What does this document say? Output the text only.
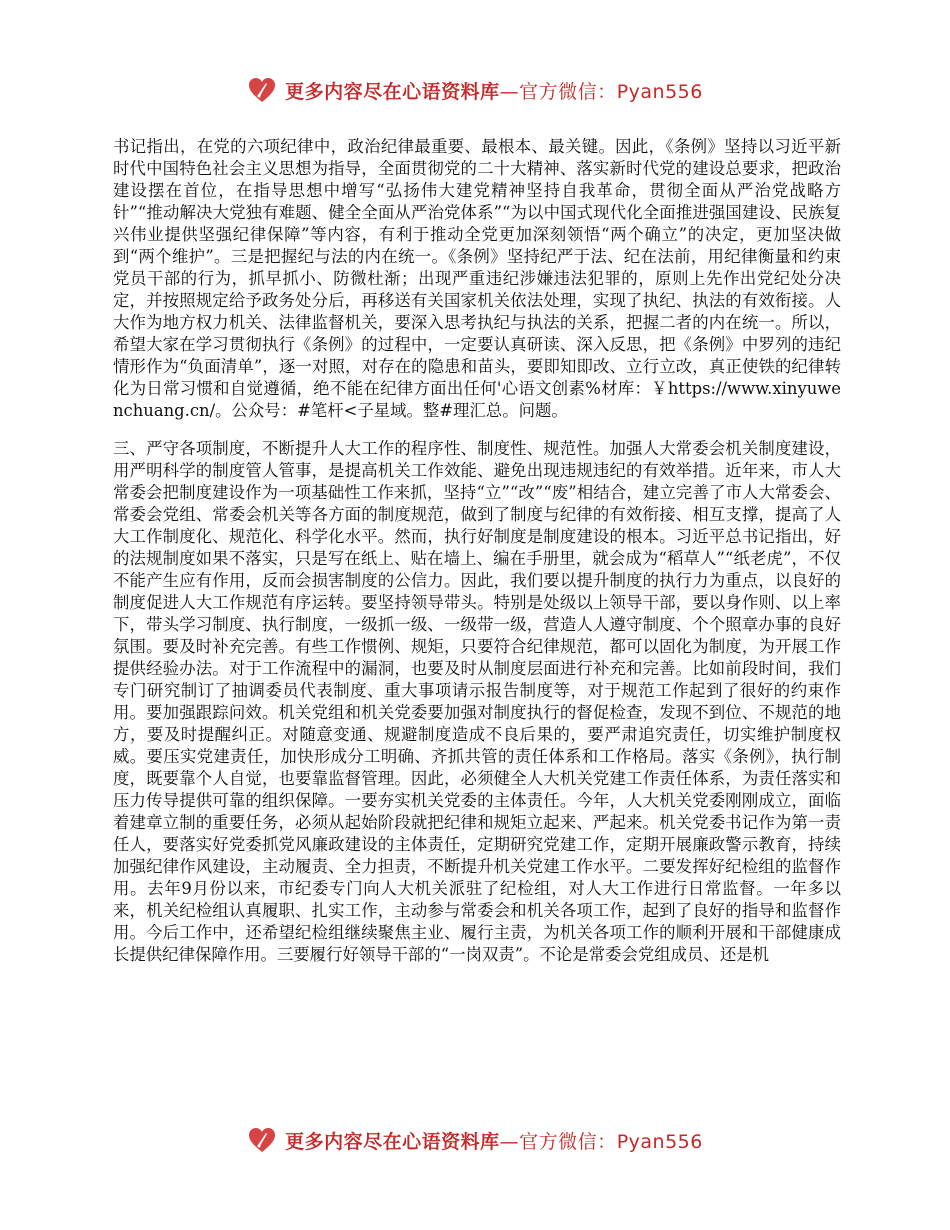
更多内容尽在心语资料库—官方微信：Pyan556

书记指出，在党的六项纪律中，政治纪律最重要、最根本、最关键。因此，《条例》坚持以习近平新时代中国特色社会主义思想为指导，全面贯彻党的二十大精神、落实新时代党的建设总要求，把政治建设摆在首位，在指导思想中增写“弘扬伟大建党精神坚持自我革命，贯彻全面从严治党战略方针”“推动解决大党独有难题、健全全面从严治党体系”“为以中国式现代化全面推进强国建设、民族复兴伟业提供坚强纪律保障”等内容，有利于推动全党更加深刻领悟“两个确立”的决定，更加坚决做到“两个维护”。三是把握纪与法的内在统一。《条例》坚持纪严于法、纪在法前，用纪律衡量和约束党员干部的行为，抓早抓小、防微杜渐；出现严重违纪涉嫌违法犯罪的，原则上先作出党纪处分决定，并按照规定给予政务处分后，再移送有关国家机关依法处理，实现了执纪、执法的有效衔接。人大作为地方权力机关、法律监督机关，要深入思考执纪与执法的关系，把握二者的内在统一。所以，希望大家在学习贯彻执行《条例》的过程中，一定要认真研读、深入反思，把《条例》中罗列的违纪情形作为“负面清单”，逐一对照，对存在的隐患和苗头，要即知即改、立行立改，真正使铁的纪律转化为日常习惯和自觉遵循，绝不能在纪律方面出任何'心语文创素%材库：￥https://www.xinyuwenchuang.cn/。公众号：#笔杆<子星域。整#理汇总。问题。

三、严守各项制度，不断提升人大工作的程序性、制度性、规范性。加强人大常委会机关制度建设，用严明科学的制度管人管事，是提高机关工作效能、避免出现违规违纪的有效举措。近年来，市人大常委会把制度建设作为一项基础性工作来抓，坚持“立”“改”“废”相结合，建立完善了市人大常委会、常委会党组、常委会机关等各方面的制度规范，做到了制度与纪律的有效衔接、相互支撑，提高了人大工作制度化、规范化、科学化水平。然而，执行好制度是制度建设的根本。习近平总书记指出，好的法规制度如果不落实，只是写在纸上、贴在墙上、编在手册里，就会成为“稻草人”“纸老虎”，不仅不能产生应有作用，反而会损害制度的公信力。因此，我们要以提升制度的执行力为重点，以良好的制度促进人大工作规范有序运转。要坚持领导带头。特别是处级以上领导干部，要以身作则、以上率下，带头学习制度、执行制度，一级抓一级、一级带一级，营造人人遵守制度、个个照章办事的良好氛围。要及时补充完善。有些工作惯例、规矩，只要符合纪律规范，都可以固化为制度，为开展工作提供经验办法。对于工作流程中的漏洞，也要及时从制度层面进行补充和完善。比如前段时间，我们专门研究制订了抽调委员代表制度、重大事项请示报告制度等，对于规范工作起到了很好的约束作用。要加强跟踪问效。机关党组和机关党委要加强对制度执行的督促检查，发现不到位、不规范的地方，要及时提醒纠正。对随意变通、规避制度造成不良后果的，要严肃追究责任，切实维护制度权威。要压实党建责任，加快形成分工明确、齐抓共管的责任体系和工作格局。落实《条例》，执行制度，既要靠个人自觉，也要靠监督管理。因此，必须健全人大机关党建工作责任体系，为责任落实和压力传导提供可靠的组织保障。一要夯实机关党委的主体责任。今年，人大机关党委刚刚成立，面临着建章立制的重要任务，必须从起始阶段就把纪律和规矩立起来、严起来。机关党委书记作为第一责任人，要落实好党委抓党风廉政建设的主体责任，定期研究党建工作，定期开展廉政警示教育，持续加强纪律作风建设，主动履责、全力担责，不断提升机关党建工作水平。二要发挥好纪检组的监督作用。去年9月份以来，市纪委专门向人大机关派驻了纪检组，对人大工作进行日常监督。一年多以来，机关纪检组认真履职、扎实工作，主动参与常委会和机关各项工作，起到了良好的指导和监督作用。今后工作中，还希望纪检组继续聚焦主业、履行主责，为机关各项工作的顺利开展和干部健康成长提供纪律保障作用。三要履行好领导干部的“一岗双责”。不论是常委会党组成员、还是机

更多内容尽在心语资料库—官方微信：Pyan556
